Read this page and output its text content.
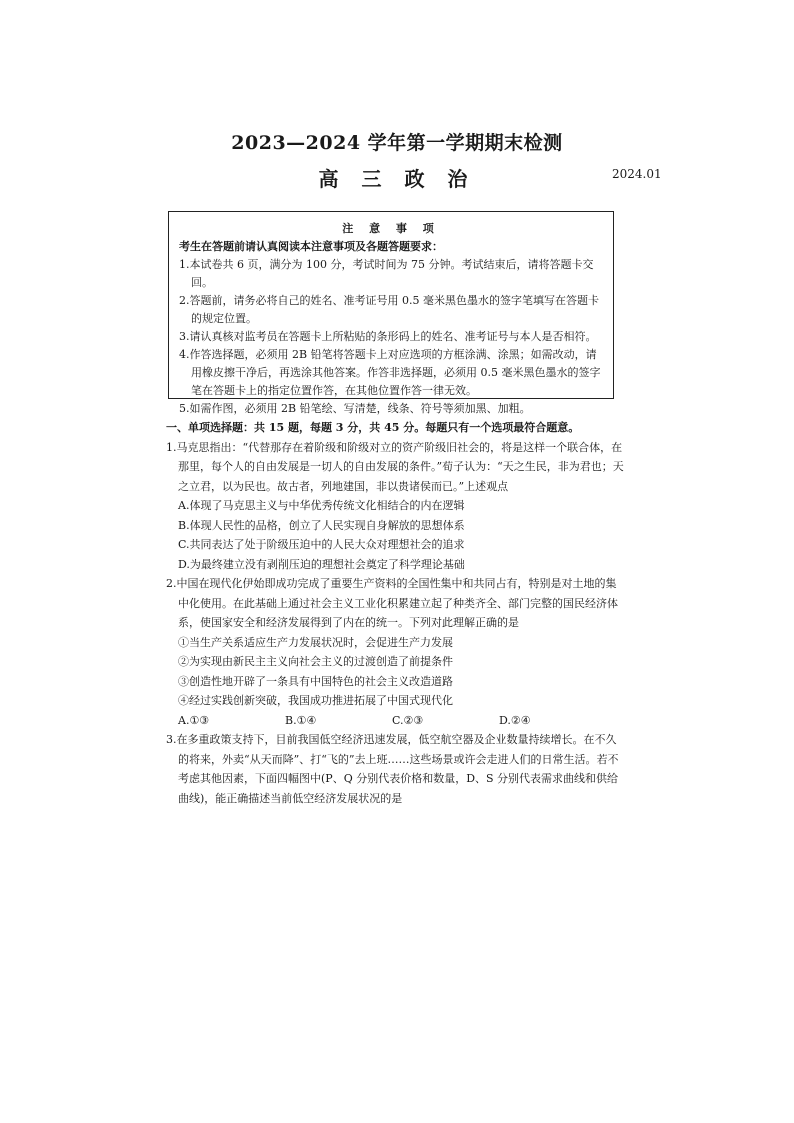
2023—2024 学年第一学期期末检测
高 三 政 治	2024.01
注 意 事 项
考生在答题前请认真阅读本注意事项及各题答题要求：
1.本试卷共 6 页，满分为 100 分，考试时间为 75 分钟。考试结束后，请将答题卡交回。
2.答题前，请务必将自己的姓名、准考证号用 0.5 毫米黑色墨水的签字笔填写在答题卡的规定位置。
3.请认真核对监考员在答题卡上所粘贴的条形码上的姓名、准考证号与本人是否相符。
4.作答选择题，必须用 2B 铅笔将答题卡上对应选项的方框涂满、涂黑；如需改动，请用橡皮擦干净后，再选涂其他答案。作答非选择题，必须用 0.5 毫米黑色墨水的签字笔在答题卡上的指定位置作答，在其他位置作答一律无效。
5.如需作图，必须用 2B 铅笔绘、写清楚，线条、符号等须加黑、加粗。
一、单项选择题：共 15 题，每题 3 分，共 45 分。每题只有一个选项最符合题意。
1.马克思指出：“代替那存在着阶级和阶级对立的资产阶级旧社会的，将是这样一个联合体，在那里，每个人的自由发展是一切人的自由发展的条件。”荀子认为：“天之生民，非为君也；天之立君，以为民也。故古者，列地建国，非以贵诸侯而已。”上述观点
A.体现了马克思主义与中华优秀传统文化相结合的内在逻辑
B.体现人民性的品格，创立了人民实现自身解放的思想体系
C.共同表达了处于阶级压迫中的人民大众对理想社会的追求
D.为最终建立没有剥削压迫的理想社会奠定了科学理论基础
2.中国在现代化伊始即成功完成了重要生产资料的全国性集中和共同占有，特别是对土地的集中化使用。在此基础上通过社会主义工业化积累建立起了种类齐全、部门完整的国民经济体系，使国家安全和经济发展得到了内在的统一。下列对此理解正确的是
①当生产关系适应生产力发展状况时，会促进生产力发展
②为实现由新民主主义向社会主义的过渡创造了前提条件
③创造性地开辟了一条具有中国特色的社会主义改造道路
④经过实践创新突破，我国成功推进拓展了中国式现代化
A.①③	B.①④	C.②③	D.②④
3.在多重政策支持下，目前我国低空经济迅速发展，低空航空器及企业数量持续增长。在不久的将来，外卖“从天而降”、打“飞的”去上班……这些场景或许会走进人们的日常生活。若不考虑其他因素，下面四幅图中(P、Q 分别代表价格和数量，D、S 分别代表需求曲线和供给曲线)，能正确描述当前低空经济发展状况的是
